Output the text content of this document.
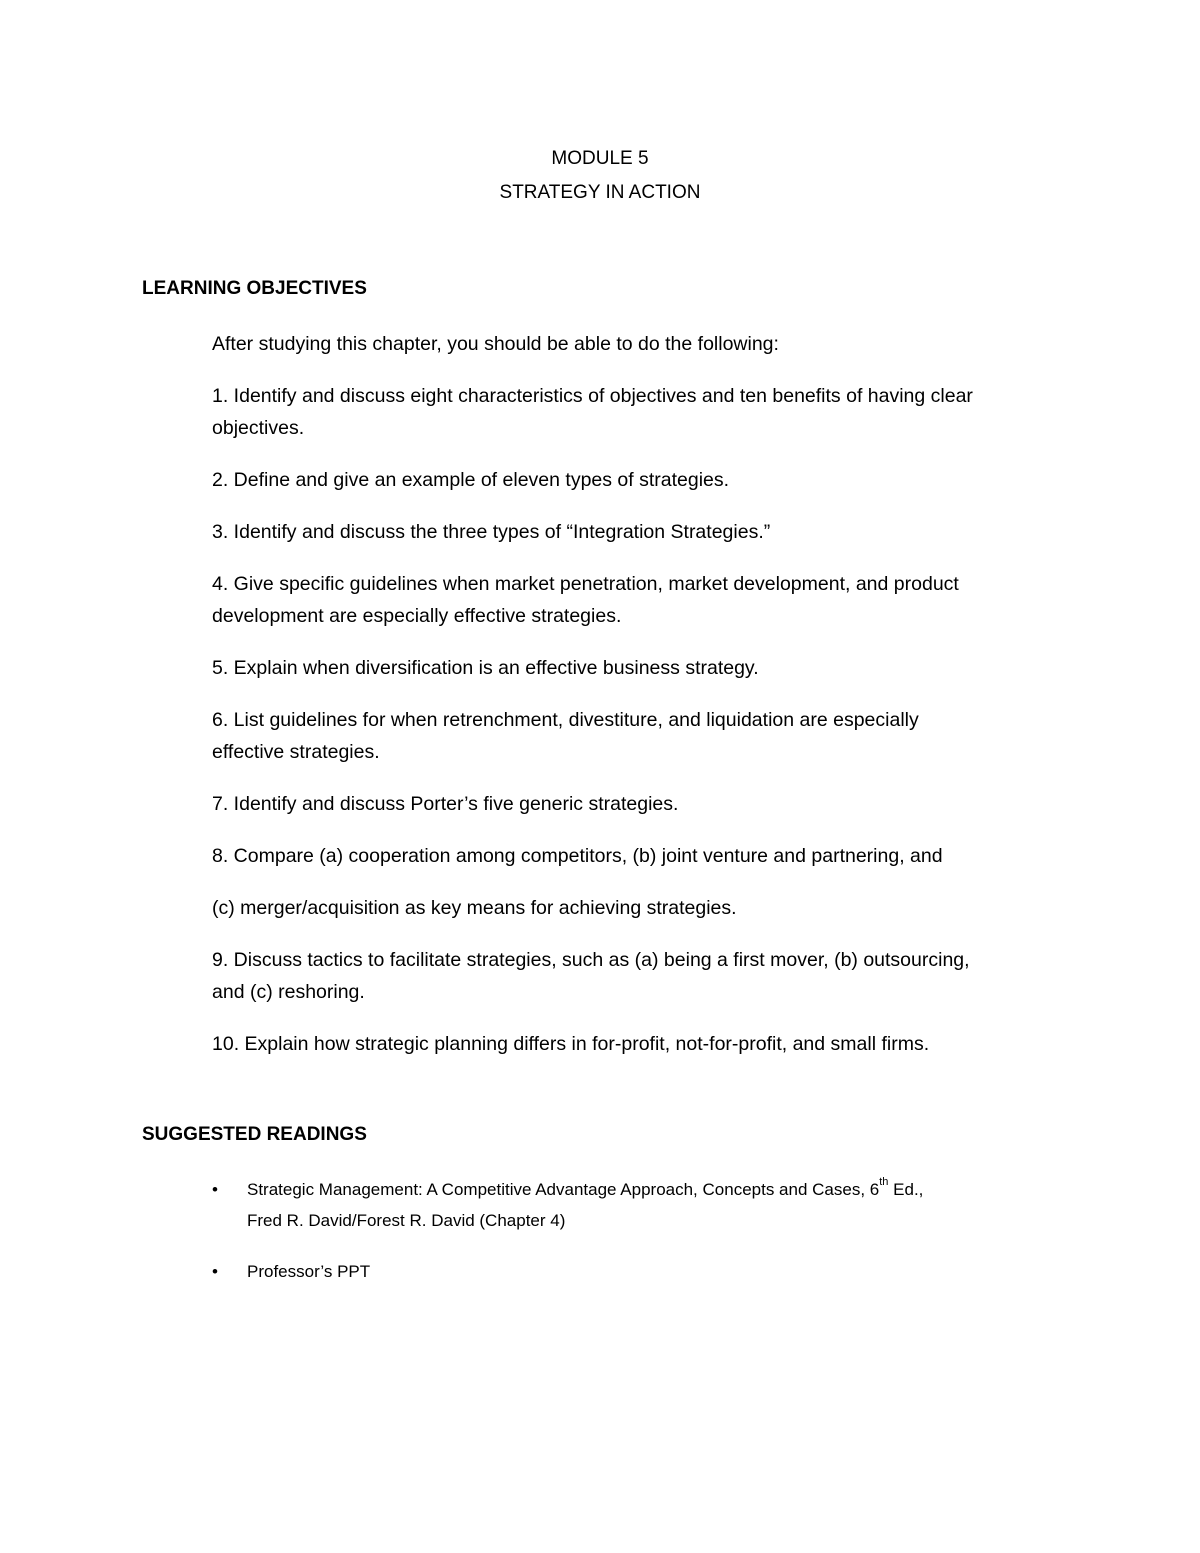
MODULE 5
STRATEGY IN ACTION
LEARNING OBJECTIVES
After studying this chapter, you should be able to do the following:
1. Identify and discuss eight characteristics of objectives and ten benefits of having clear
objectives.
2. Define and give an example of eleven types of strategies.
3. Identify and discuss the three types of “Integration Strategies.”
4. Give specific guidelines when market penetration, market development, and product
development are especially effective strategies.
5. Explain when diversification is an effective business strategy.
6. List guidelines for when retrenchment, divestiture, and liquidation are especially
effective strategies.
7. Identify and discuss Porter’s five generic strategies.
8. Compare (a) cooperation among competitors, (b) joint venture and partnering, and
(c) merger/acquisition as key means for achieving strategies.
9. Discuss tactics to facilitate strategies, such as (a) being a first mover, (b) outsourcing,
and (c) reshoring.
10. Explain how strategic planning differs in for-profit, not-for-profit, and small firms.
SUGGESTED READINGS
• Strategic Management: A Competitive Advantage Approach, Concepts and Cases, 6th Ed.,
Fred R. David/Forest R. David (Chapter 4)
• Professor’s PPT
